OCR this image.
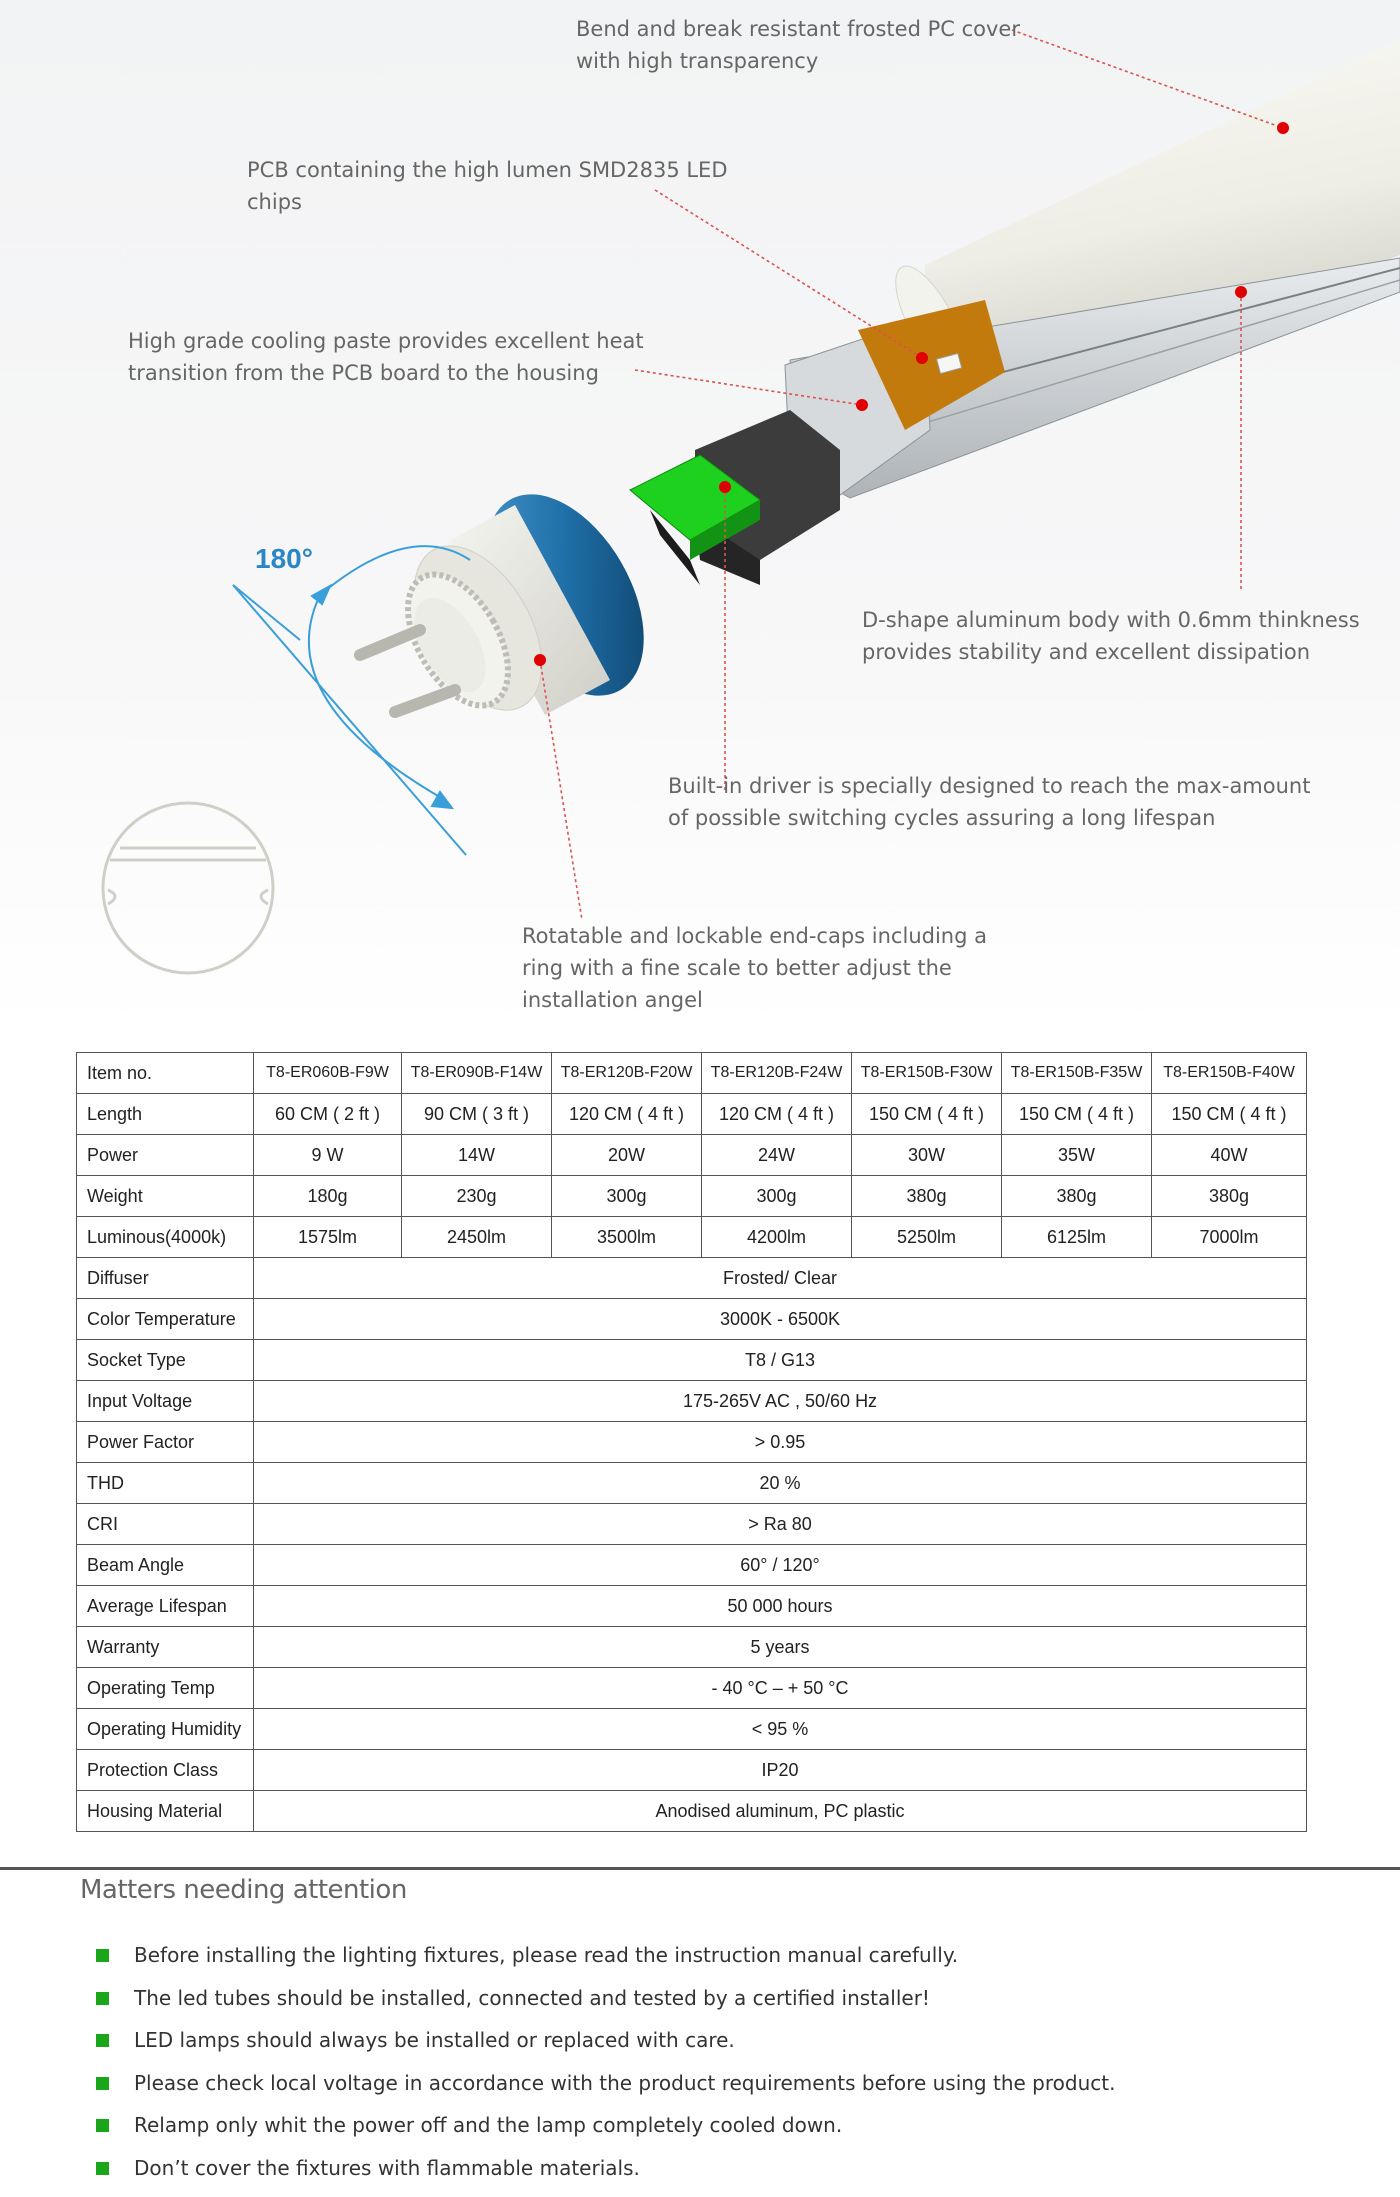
180°
Bend and break resistant frosted PC cover
with high transparency
PCB containing the high lumen SMD2835 LED
chips
High grade cooling paste provides excellent heat
transition from the PCB board to the housing
D-shape aluminum body with 0.6mm thinkness
provides stability and excellent dissipation
Built-in driver is specially designed to reach the max-amount
of possible switching cycles assuring a long lifespan
Rotatable and lockable end-caps including a
ring with a fine scale to better adjust the
installation angel
Item no.	T8-ER060B-F9W	T8-ER090B-F14W	T8-ER120B-F20W	T8-ER120B-F24W	T8-ER150B-F30W	T8-ER150B-F35W	T8-ER150B-F40W
Length	60 CM ( 2 ft )	90 CM ( 3 ft )	120 CM ( 4 ft )	120 CM ( 4 ft )	150 CM ( 4 ft )	150 CM ( 4 ft )	150 CM ( 4 ft )
Power	9 W	14W	20W	24W	30W	35W	40W
Weight	180g	230g	300g	300g	380g	380g	380g
Luminous(4000k)	1575lm	2450lm	3500lm	4200lm	5250lm	6125lm	7000lm
Diffuser	Frosted/ Clear						
Color Temperature	3000K - 6500K						
Socket Type	T8 / G13						
Input Voltage	175-265V AC , 50/60 Hz						
Power Factor	> 0.95						
THD	20 %						
CRI	> Ra 80						
Beam Angle	60° / 120°						
Average Lifespan	50 000 hours						
Warranty	5 years						
Operating Temp	- 40 °C – + 50 °C						
Operating Humidity	< 95 %						
Protection Class	IP20						
Housing Material	Anodised aluminum, PC plastic						
Matters needing attention
Before installing the lighting fixtures, please read the instruction manual carefully.
The led tubes should be installed, connected and tested by a certified installer!
LED lamps should always be installed or replaced with care.
Please check local voltage in accordance with the product requirements before using the product.
Relamp only whit the power off and the lamp completely cooled down.
Don’t cover the fixtures with flammable materials.
